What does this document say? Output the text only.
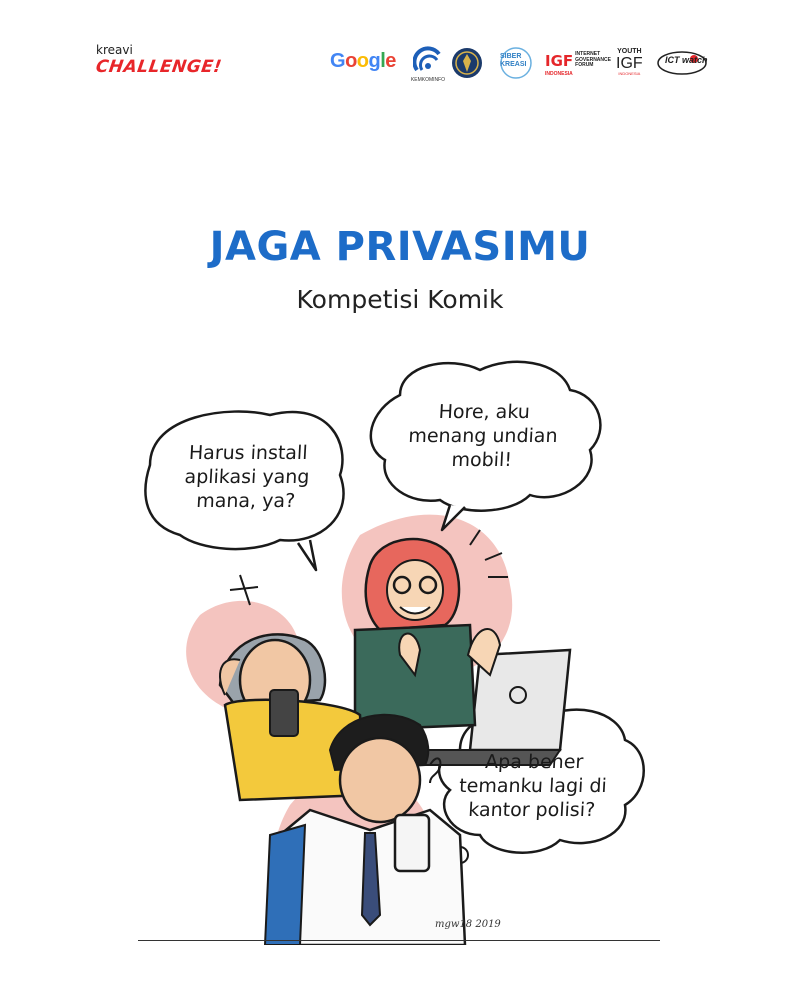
kreavi
CHALLENGE!	Google
KEMKOMINFO
SIBER
KREASI IGF INTERNET
GOVERNANCE
FORUM
INDONESIA
YOUTH
IGF
INDONESIA
ICT watch
JAGA PRIVASIMU
Kompetisi Komik
Harus install
aplikasi yang
mana, ya?
Hore, aku
menang undian
mobil!
Apa bener
temanku lagi di
kantor polisi?
mgw18 2019
